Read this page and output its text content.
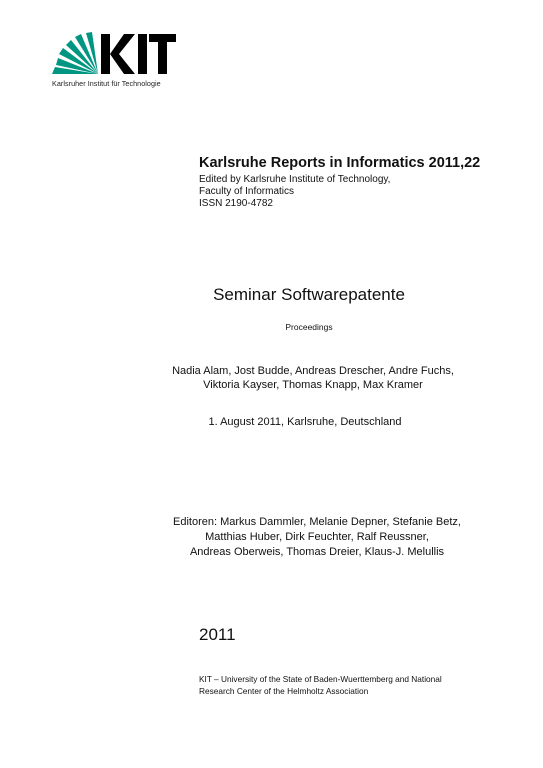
Karlsruher Institut für Technologie
Karlsruhe Reports in Informatics 2011,22
Edited by Karlsruhe Institute of Technology,
Faculty of Informatics
ISSN 2190-4782
Seminar Softwarepatente
Proceedings
Nadia Alam, Jost Budde, Andreas Drescher, Andre Fuchs,
Viktoria Kayser, Thomas Knapp, Max Kramer
1. August 2011, Karlsruhe, Deutschland
Editoren: Markus Dammler, Melanie Depner, Stefanie Betz,
Matthias Huber, Dirk Feuchter, Ralf Reussner,
Andreas Oberweis, Thomas Dreier, Klaus-J. Melullis
2011
KIT – University of the State of Baden-Wuerttemberg and National
Research Center of the Helmholtz Association
